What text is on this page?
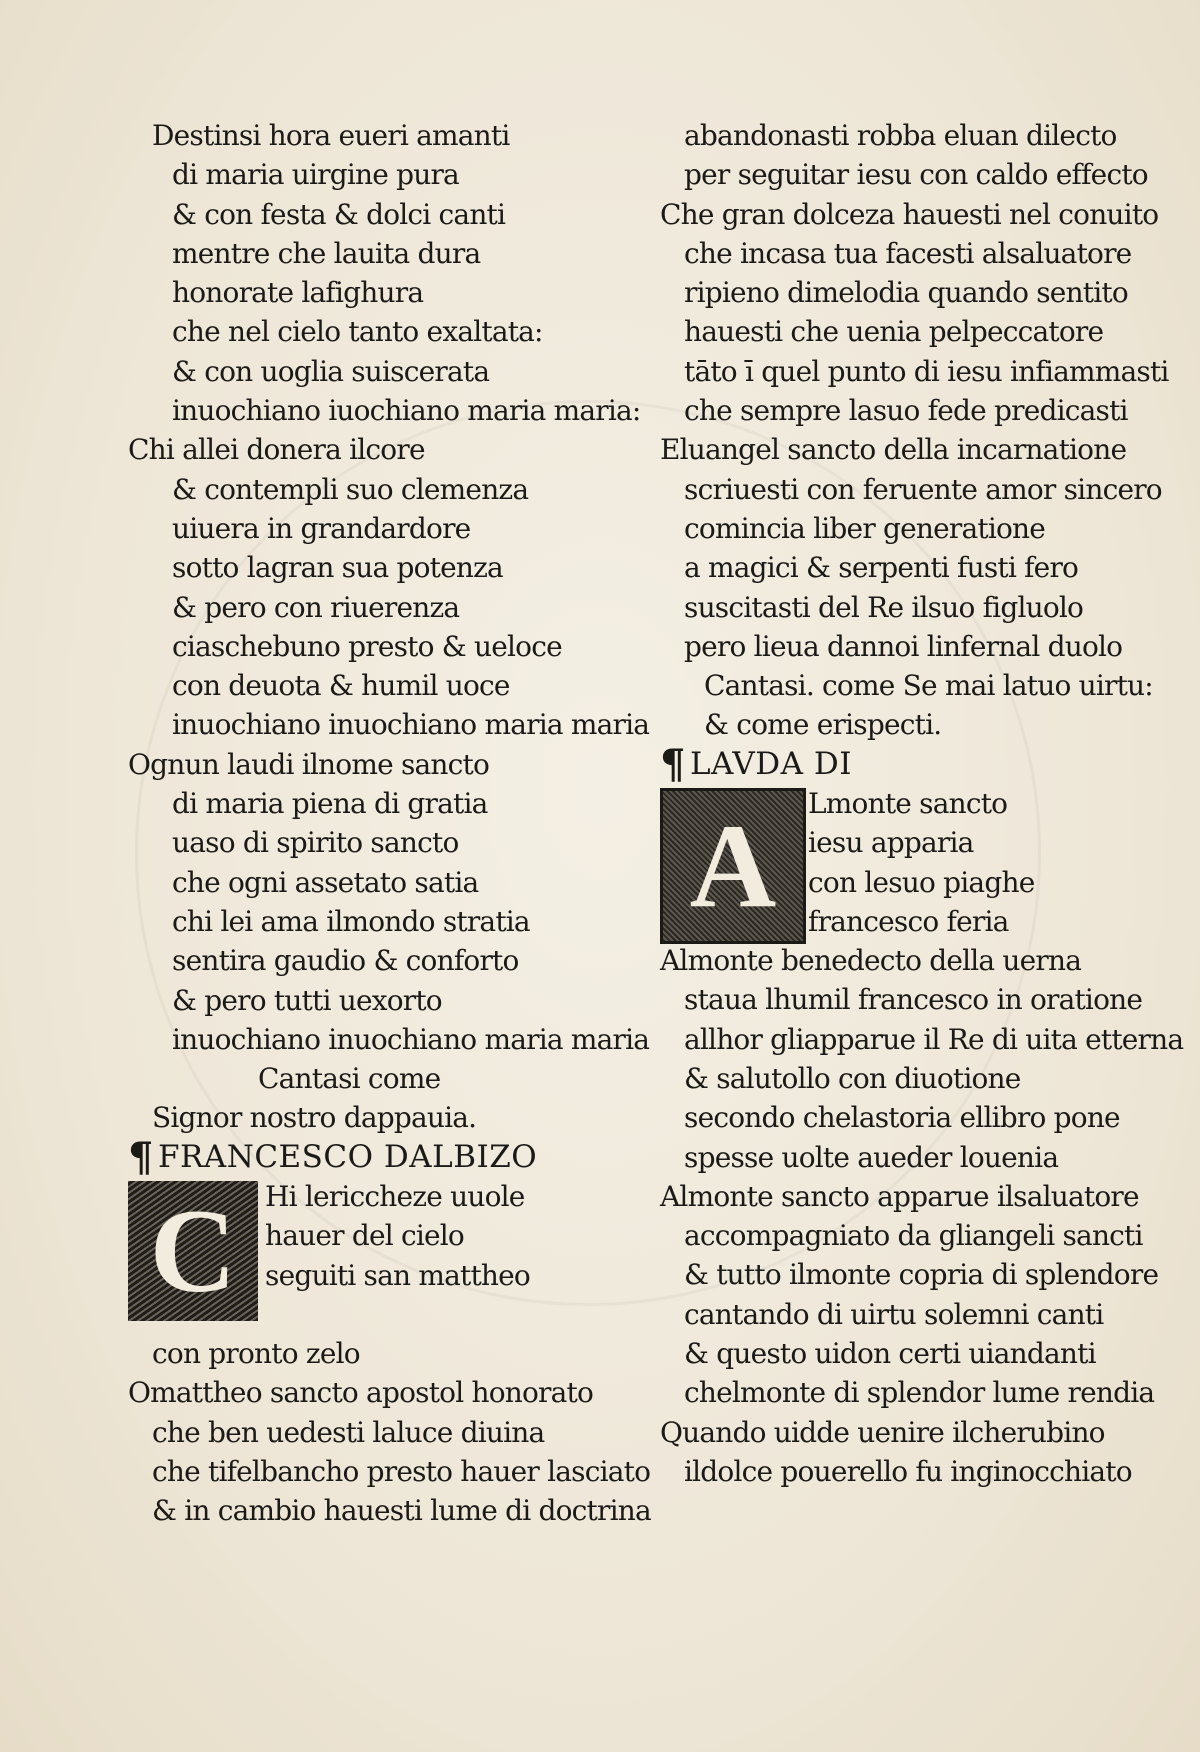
Destinsi hora eueri amanti
di maria uirgine pura
& con festa & dolci canti
mentre che lauita dura
honorate lafighura
che nel cielo tanto exaltata:
& con uoglia suiscerata
inuochiano iuochiano maria maria:
Chi allei donera ilcore
& contempli suo clemenza
uiuera in grandardore
sotto lagran sua potenza
& pero con riuerenza
ciaschebuno presto & ueloce
con deuota & humil uoce
inuochiano inuochiano maria maria
Ognun laudi ilnome sancto
di maria piena di gratia
uaso di spirito sancto
che ogni assetato satia
chi lei ama ilmondo stratia
sentira gaudio & conforto
& pero tutti uexorto
inuochiano inuochiano maria maria
Cantasi come
Signor nostro dappauia.
¶ FRANCESCO DALBIZO
C	Hi lericcheze uuole
hauer del cielo
seguiti san mattheo
con pronto zelo
Omattheo sancto apostol honorato
che ben uedesti laluce diuina
che tifelbancho presto hauer lasciato
& in cambio hauesti lume di doctrina
abandonasti robba eluan dilecto
per seguitar iesu con caldo effecto
Che gran dolceza hauesti nel conuito
che incasa tua facesti alsaluatore
ripieno dimelodia quando sentito
hauesti che uenia pelpeccatore
tāto ī quel punto di iesu infiammasti
che sempre lasuo fede predicasti
Eluangel sancto della incarnatione
scriuesti con feruente amor sincero
comincia liber generatione
a magici & serpenti fusti fero
suscitasti del Re ilsuo figluolo
pero lieua dannoi linfernal duolo
Cantasi. come Se mai latuo uirtu:
& come erispecti.
¶ LAVDA DI
A	Lmonte sancto
iesu apparia
con lesuo piaghe
francesco feria
Almonte benedecto della uerna
staua lhumil francesco in oratione
allhor gliapparue il Re di uita etterna
& salutollo con diuotione
secondo chelastoria ellibro pone
spesse uolte aueder louenia
Almonte sancto apparue ilsaluatore
accompagniato da gliangeli sancti
& tutto ilmonte copria di splendore
cantando di uirtu solemni canti
& questo uidon certi uiandanti
chelmonte di splendor lume rendia
Quando uidde uenire ilcherubino
ildolce pouerello fu inginocchiato
